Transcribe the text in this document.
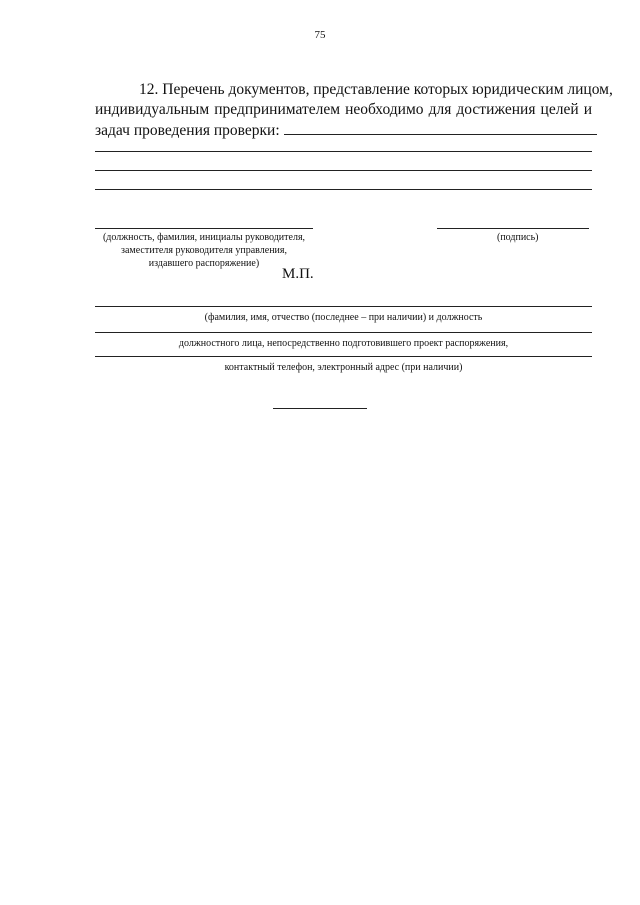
75
12. Перечень документов, представление которых юридическим лицом,
индивидуальным предпринимателем необходимо для достижения целей и
задач проведения проверки:
(должность, фамилия, инициалы руководителя,
заместителя руководителя управления,
издавшего распоряжение)
(подпись)
М.П.
(фамилия, имя, отчество (последнее – при наличии) и должность
должностного лица, непосредственно подготовившего проект распоряжения,
контактный телефон, электронный адрес (при наличии)
